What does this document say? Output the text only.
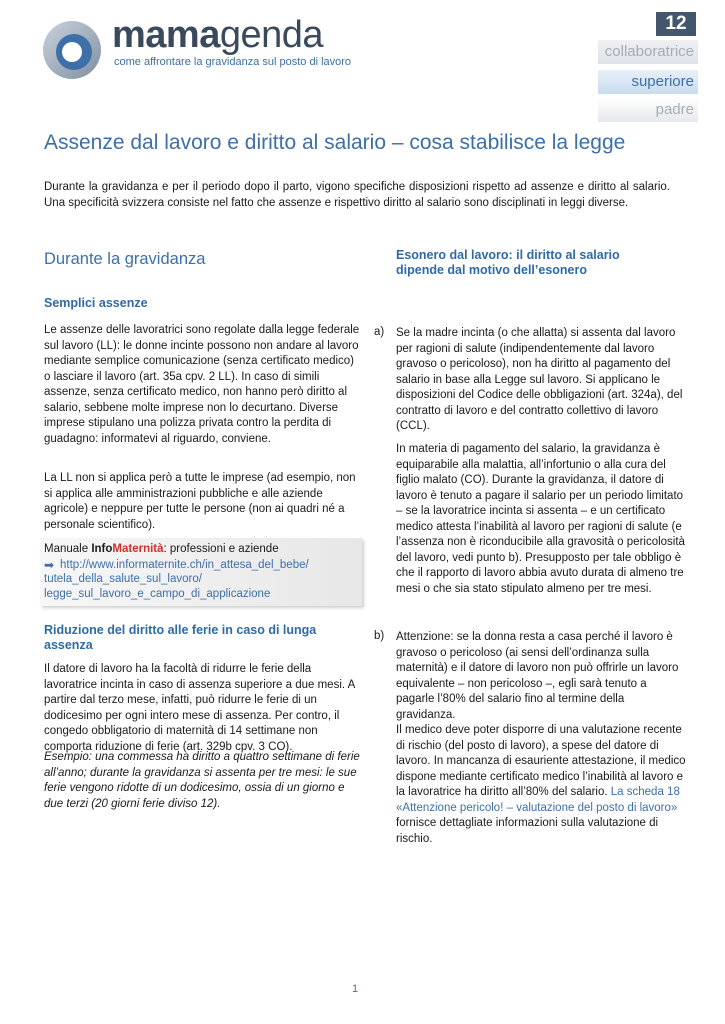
mamagenda
come affrontare la gravidanza sul posto di lavoro
12
collaboratrice
superiore
padre
Assenze dal lavoro e diritto al salario – cosa stabilisce la legge
Durante la gravidanza e per il periodo dopo il parto, vigono specifiche disposizioni rispetto ad assenze e diritto al salario. Una specificità svizzera consiste nel fatto che assenze e rispettivo diritto al salario sono disciplinati in leggi diverse.
Durante la gravidanza
Semplici assenze
Le assenze delle lavoratrici sono regolate dalla legge federale sul lavoro (LL): le donne incinte possono non andare al lavoro mediante semplice comunicazione (senza certificato medico) o lasciare il lavoro (art. 35a cpv. 2 LL). In caso di simili assenze, senza certificato medico, non hanno però diritto al salario, sebbene molte imprese non lo decurtano. Diverse imprese stipulano una polizza privata contro la perdita di guadagno: informatevi al riguardo, conviene.
La LL non si applica però a tutte le imprese (ad esempio, non si applica alle amministrazioni pubbliche e alle aziende agricole) e neppure per tutte le persone (non ai quadri né a personale scientifico).
Manuale InfoMaternità: professioni e aziende
➡ http://www.informaternite.ch/in_attesa_del_bebe/
tutela_della_salute_sul_lavoro/
legge_sul_lavoro_e_campo_di_applicazione
Riduzione del diritto alle ferie in caso di lunga assenza
Il datore di lavoro ha la facoltà di ridurre le ferie della lavoratrice incinta in caso di assenza superiore a due mesi. A partire dal terzo mese, infatti, può ridurre le ferie di un dodicesimo per ogni intero mese di assenza. Per contro, il congedo obbligatorio di maternità di 14 settimane non comporta riduzione di ferie (art. 329b cpv. 3 CO).
Esempio: una commessa ha diritto a quattro settimane di ferie all’anno; durante la gravidanza si assenta per tre mesi: le sue ferie vengono ridotte di un dodicesimo, ossia di un giorno e due terzi (20 giorni ferie diviso 12).
Esonero dal lavoro: il diritto al salario dipende dal motivo dell’esonero
a) Se la madre incinta (o che allatta) si assenta dal lavoro per ragioni di salute (indipendentemente dal lavoro gravoso o pericoloso), non ha diritto al pagamento del salario in base alla Legge sul lavoro. Si applicano le disposizioni del Codice delle obbligazioni (art. 324a), del contratto di lavoro e del contratto collettivo di lavoro (CCL).
In materia di pagamento del salario, la gravidanza è equiparabile alla malattia, all’infortunio o alla cura del figlio malato (CO). Durante la gravidanza, il datore di lavoro è tenuto a pagare il salario per un periodo limitato – se la lavoratrice incinta si assenta – e un certificato medico attesta l’inabilità al lavoro per ragioni di salute (e l’assenza non è riconducibile alla gravosità o pericolosità del lavoro, vedi punto b). Presupposto per tale obbligo è che il rapporto di lavoro abbia avuto durata di almeno tre mesi o che sia stato stipulato almeno per tre mesi.
b) Attenzione: se la donna resta a casa perché il lavoro è gravoso o pericoloso (ai sensi dell’ordinanza sulla maternità) e il datore di lavoro non può offrirle un lavoro equivalente – non pericoloso –, egli sarà tenuto a pagarle l’80% del salario fino al termine della gravidanza.
Il medico deve poter disporre di una valutazione recente di rischio (del posto di lavoro), a spese del datore di lavoro. In mancanza di esauriente attestazione, il medico dispone mediante certificato medico l’inabilità al lavoro e la lavoratrice ha diritto all’80% del salario. La scheda 18 «Attenzione pericolo! – valutazione del posto di lavoro» fornisce dettagliate informazioni sulla valutazione di rischio.
1
